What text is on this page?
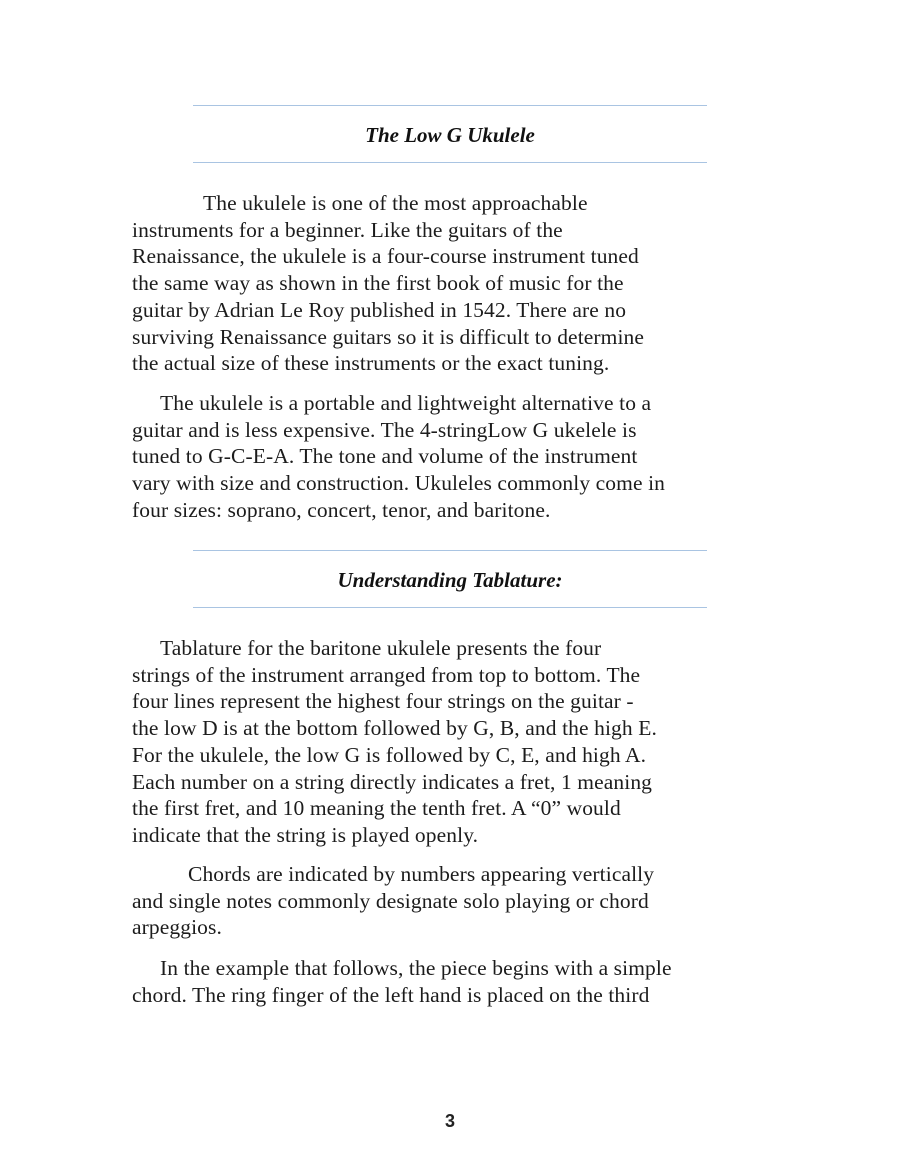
The Low G Ukulele

The ukulele is one of the most approachable
instruments for a beginner. Like the guitars of the
Renaissance, the ukulele is a four-course instrument tuned
the same way as shown in the first book of music for the
guitar by Adrian Le Roy published in 1542. There are no
surviving Renaissance guitars so it is difficult to determine
the actual size of these instruments or the exact tuning.

The ukulele is a portable and lightweight alternative to a
guitar and is less expensive. The 4-stringLow G ukelele is
tuned to G-C-E-A. The tone and volume of the instrument
vary with size and construction. Ukuleles commonly come in
four sizes: soprano, concert, tenor, and baritone.

Understanding Tablature:

Tablature for the baritone ukulele presents the four
strings of the instrument arranged from top to bottom. The
four lines represent the highest four strings on the guitar -
the low D is at the bottom followed by G, B, and the high E.
For the ukulele, the low G is followed by C, E, and high A.
Each number on a string directly indicates a fret, 1 meaning
the first fret, and 10 meaning the tenth fret. A “0” would
indicate that the string is played openly.

Chords are indicated by numbers appearing vertically
and single notes commonly designate solo playing or chord
arpeggios.

In the example that follows, the piece begins with a simple
chord. The ring finger of the left hand is placed on the third

3
